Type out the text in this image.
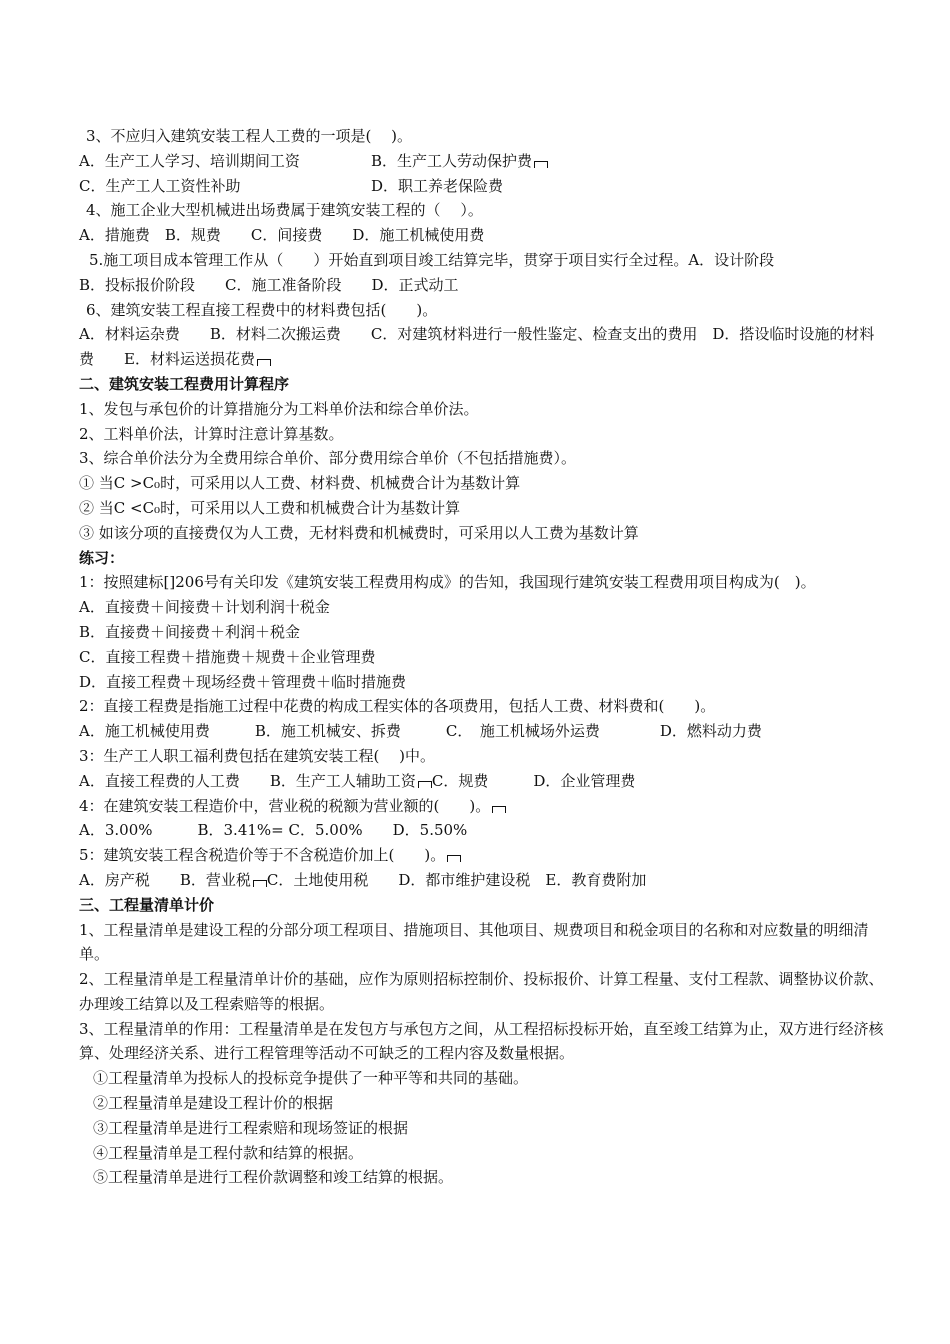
3、不应归入建筑安装工程人工费的一项是(　 )。
A．生产工人学习、培训期间工资	B．生产工人劳动保护费
C．生产工人工资性补助	D．职工养老保险费
4、施工企业大型机械进出场费属于建筑安装工程的（　 ）。
A．措施费　B．规费　　C．间接费　　D．施工机械使用费
5.施工项目成本管理工作从（　　）开始直到项目竣工结算完毕，贯穿于项目实行全过程。A．设计阶段
B．投标报价阶段　　C．施工准备阶段　　D．正式动工
6、建筑安装工程直接工程费中的材料费包括(　　)。
A．材料运杂费　　B．材料二次搬运费　　C．对建筑材料进行一般性鉴定、检查支出的费用　D．搭设临时设施的材料费　　E．材料运送损花费
二、建筑安装工程费用计算程序
1、发包与承包价的计算措施分为工料单价法和综合单价法。
2、工料单价法，计算时注意计算基数。
3、综合单价法分为全费用综合单价、部分费用综合单价（不包括措施费）。
① 当C >C₀时，可采用以人工费、材料费、机械费合计为基数计算
② 当C <C₀时，可采用以人工费和机械费合计为基数计算
③ 如该分项的直接费仅为人工费，无材料费和机械费时，可采用以人工费为基数计算
练习：
1：按照建标[]206号有关印发《建筑安装工程费用构成》的告知，我国现行建筑安装工程费用项目构成为(　)。
A．直接费＋间接费＋计划利润十税金
B．直接费＋间接费＋利润＋税金
C．直接工程费＋措施费＋规费＋企业管理费
D．直接工程费＋现场经费＋管理费＋临时措施费
2：直接工程费是指施工过程中花费的构成工程实体的各项费用，包括人工费、材料费和(　　)。
A．施工机械使用费　　　B．施工机械安、拆费　　　C．　施工机械场外运费　　　　D．燃料动力费
3：生产工人职工福利费包括在建筑安装工程(　 )中。
A．直接工程费的人工费　　B．生产工人辅助工资 C．规费　　　D．企业管理费
4：在建筑安装工程造价中，营业税的税额为营业额的(　　)。
A．3.00%　　　B．3.41%= C．5.00%　　D．5.50%
5：建筑安装工程含税造价等于不含税造价加上(　　)。
A．房产税　　B．营业税 C．土地使用税　　D．都市维护建设税　E．教育费附加
三、工程量清单计价
1、工程量清单是建设工程的分部分项工程项目、措施项目、其他项目、规费项目和税金项目的名称和对应数量的明细清单。
2、工程量清单是工程量清单计价的基础，应作为原则招标控制价、投标报价、计算工程量、支付工程款、调整协议价款、办理竣工结算以及工程索赔等的根据。
3、工程量清单的作用：工程量清单是在发包方与承包方之间，从工程招标投标开始，直至竣工结算为止，双方进行经济核算、处理经济关系、进行工程管理等活动不可缺乏的工程内容及数量根据。
①工程量清单为投标人的投标竞争提供了一种平等和共同的基础。
②工程量清单是建设工程计价的根据
③工程量清单是进行工程索赔和现场签证的根据
④工程量清单是工程付款和结算的根据。
⑤工程量清单是进行工程价款调整和竣工结算的根据。
